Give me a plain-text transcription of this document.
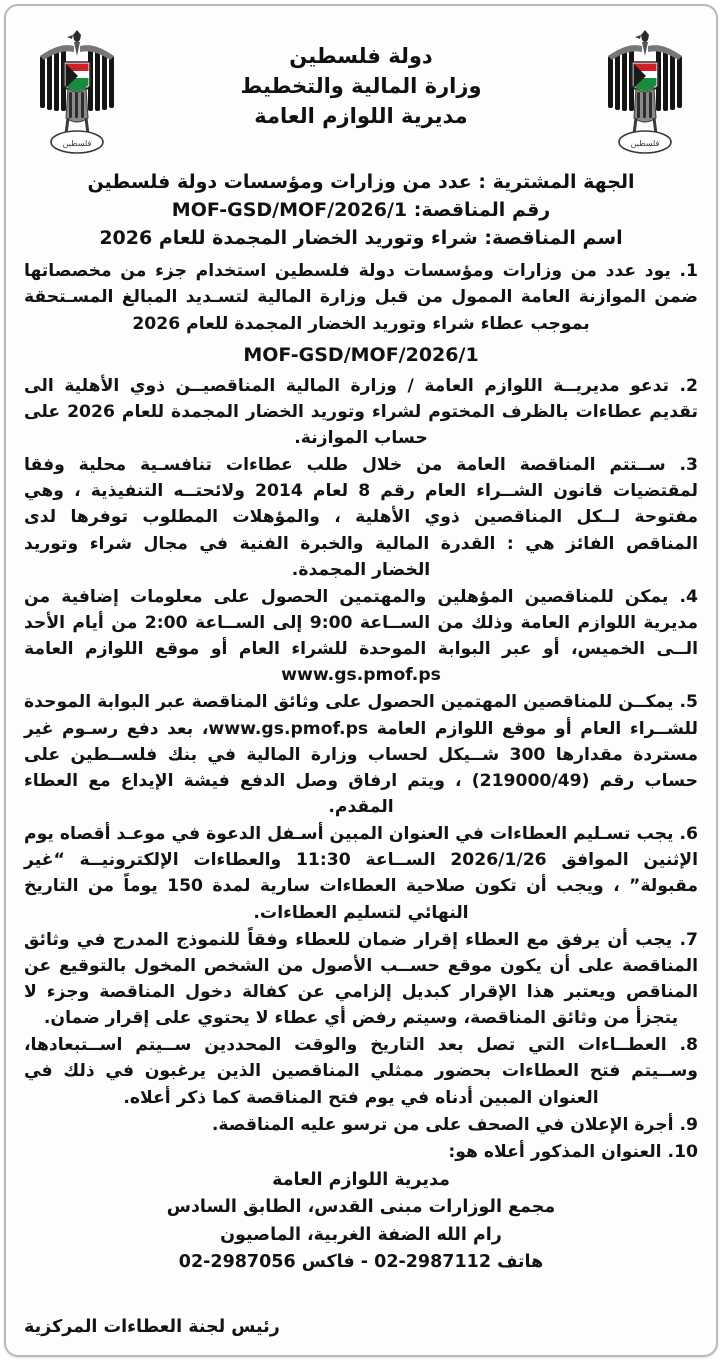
فلسطين
دولة فلسطين
وزارة المالية والتخطيط
مديرية اللوازم العامة
فلسطين
الجهة المشترية : عدد من وزارات ومؤسسات دولة فلسطين
رقم المناقصة: MOF-GSD/MOF/2026/1
اسم المناقصة: شراء وتوريد الخضار المجمدة للعام 2026

1. يود عدد من وزارات ومؤسسات دولة فلسطين استخدام جزء من مخصصاتها ضمن الموازنة العامة الممول من قبل وزارة المالية لتسـديد المبالغ المسـتحقة بموجب عطاء شراء وتوريد الخضار المجمدة للعام 2026

MOF-GSD/MOF/2026/1

2. تدعو مديريــة اللوازم العامة / وزارة المالية المناقصيــن ذوي الأهلية الى تقديم عطاءات بالظرف المختوم لشراء وتوريد الخضار المجمدة للعام 2026 على حساب الموازنة.

3. ســتتم المناقصة العامة من خلال طلب عطاءات تنافسـية محلية وفقا لمقتضيات قانون الشــراء العام رقم 8 لعام 2014 ولائحتــه التنفيذية ، وهي مفتوحة لــكل المناقصين ذوي الأهلية ، والمؤهلات المطلوب توفرها لدى المناقص الفائز هي : القدرة المالية والخبرة الفنية في مجال شراء وتوريد الخضار المجمدة.

4. يمكن للمناقصين المؤهلين والمهتمين الحصول على معلومات إضافية من مديرية اللوازم العامة وذلك من الســاعة 9:00 إلى الســاعة 2:00 من أيام الأحد الــى الخميس، أو عبر البوابة الموحدة للشراء العام أو موقع اللوازم العامة www.gs.pmof.ps

5. يمكــن للمناقصين المهتمين الحصول على وثائق المناقصة عبر البوابة الموحدة للشــراء العام أو موقع اللوازم العامة www.gs.pmof.ps، بعد دفع رسـوم غير مستردة مقدارها 300 شــيكل لحساب وزارة المالية في بنك فلســطين على حساب رقم (219000/49) ، ويتم ارفاق وصل الدفع فيشة الإيداع مع العطاء المقدم.

6. يجب تسـليم العطاءات في العنوان المبين أسـفل الدعوة في موعـد أقصاه يوم الإثنين الموافق 2026/1/26 الســاعة 11:30 والعطاءات الإلكترونيــة “غير مقبولة” ، ويجب أن تكون صلاحية العطاءات سارية لمدة 150 يوماً من التاريخ النهائي لتسليم العطاءات.

7. يجب أن يرفق مع العطاء إقرار ضمان للعطاء وفقاً للنموذج المدرج في وثائق المناقصة على أن يكون موقع حســب الأصول من الشخص المخول بالتوقيع عن المناقص ويعتبر هذا الإقرار كبديل إلزامي عن كفالة دخول المناقصة وجزء لا يتجزأ من وثائق المناقصة، وسيتم رفض أي عطاء لا يحتوي على إقرار ضمان.

8. العطــاءات التي تصل بعد التاريخ والوقت المحددين ســيتم اســتبعادها، وســيتم فتح العطاءات بحضور ممثلي المناقصين الذين يرغبون في ذلك في العنوان المبين أدناه في يوم فتح المناقصة كما ذكر أعلاه.

9. أجرة الإعلان في الصحف على من ترسو عليه المناقصة.

10. العنوان المذكور أعلاه هو:

مديرية اللوازم العامة
مجمع الوزارات مبنى القدس، الطابق السادس
رام الله الضفة الغربية، الماصيون
هاتف 02-2987112 - فاكس 02-2987056
رئيس لجنة العطاءات المركزية
